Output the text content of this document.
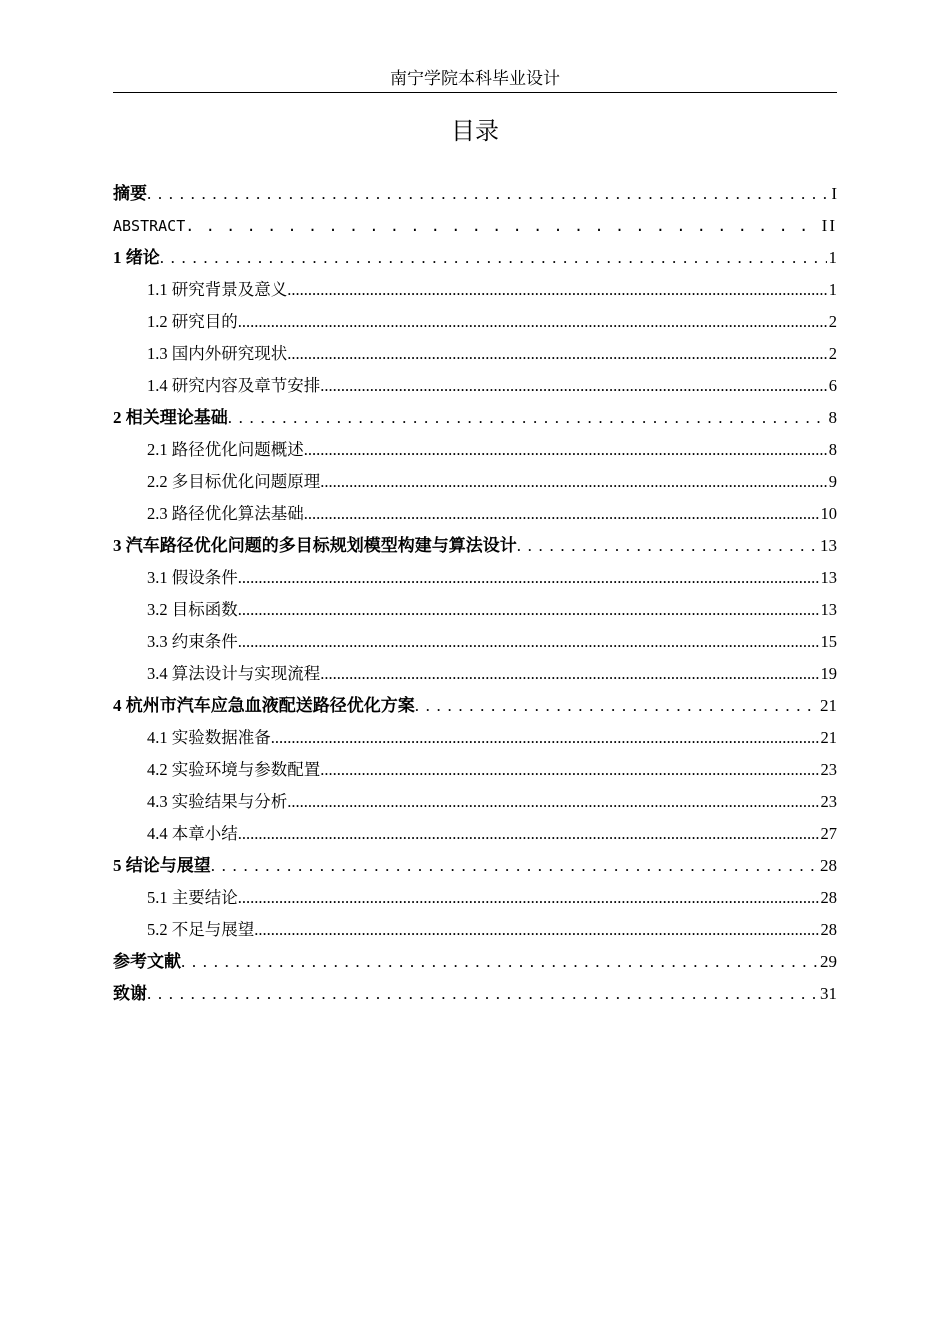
南宁学院本科毕业设计
目录
摘要 . . .	I
ABSTRACT . . .	II
1 绪论 . . .	1
1.1 研究背景及意义 .....	1
1.2 研究目的 .....	2
1.3 国内外研究现状 .....	2
1.4 研究内容及章节安排 .....	6
2 相关理论基础 . . .	8
2.1 路径优化问题概述 .....	8
2.2 多目标优化问题原理 .....	9
2.3 路径优化算法基础 .....	10
3 汽车路径优化问题的多目标规划模型构建与算法设计 . . .	13
3.1 假设条件 .....	13
3.2 目标函数 .....	13
3.3 约束条件 .....	15
3.4 算法设计与实现流程 .....	19
4 杭州市汽车应急血液配送路径优化方案 . . .	21
4.1 实验数据准备 .....	21
4.2 实验环境与参数配置 .....	23
4.3 实验结果与分析 .....	23
4.4 本章小结 .....	27
5 结论与展望 . . .	28
5.1 主要结论 .....	28
5.2 不足与展望 .....	28
参考文献 . . .	29
致谢 . . .	31
